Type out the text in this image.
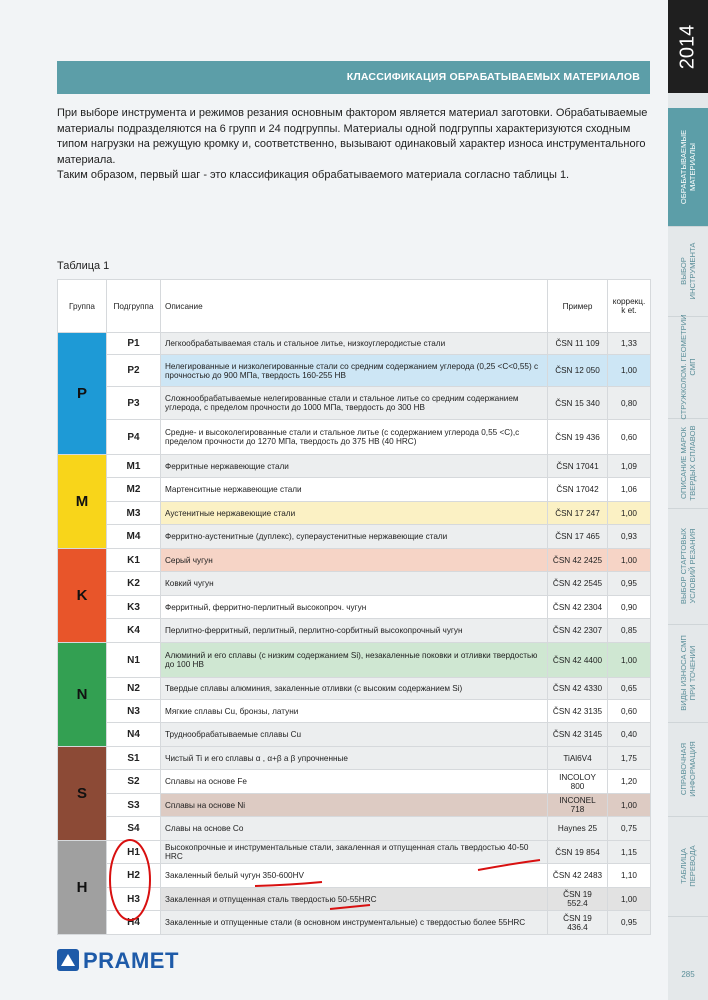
КЛАССИФИКАЦИЯ ОБРАБАТЫВАЕМЫХ МАТЕРИАЛОВ

При выборе инструмента и режимов резания основным фактором является материал заготовки. Обрабатываемые материалы подразделяются на 6 групп и 24 подгруппы. Материалы одной подгруппы характеризуются сходным типом нагрузки на режущую кромку и, соответственно, вызывают одинаковый характер износа инструментального материала.

Таким образом, первый шаг - это классификация обрабатываемого материала согласно таблицы 1.

Таблица 1
Группа	Подгруппа	Описание	Пример	коррекц. k et.
P	P1	Легкообрабатываемая сталь и стальное литье, низкоуглеродистые стали	ČSN 11 109	1,33
	P2	Нелегированные и низколегированные стали со средним содержанием углерода (0,25 <C<0,55) с прочностью до 900 МПа, твердость 160-255 HB	ČSN 12 050	1,00
	P3	Сложнообрабатываемые нелегированные стали и стальное литье со средним содержанием углерода, с пределом прочности до 1000 МПа, твердость до 300 HB	ČSN 15 340	0,80
	P4	Средне- и высоколегированные стали и стальное литье (с содержанием углерода 0,55 <C),с пределом прочности до 1270 МПа, твердость до 375 HB (40 HRC)	ČSN 19 436	0,60
M	M1	Ферритные нержавеющие стали	ČSN 17041	1,09
	M2	Мартенситные нержавеющие стали	ČSN 17042	1,06
	M3	Аустенитные нержавеющие стали	ČSN 17 247	1,00
	M4	Ферритно-аустенитные (дуплекс), супераустенитные нержавеющие стали	ČSN 17 465	0,93
K	K1	Серый чугун	ČSN 42 2425	1,00
	K2	Ковкий чугун	ČSN 42 2545	0,95
	K3	Ферритный, ферритно-перлитный высокопроч. чугун	ČSN 42 2304	0,90
	K4	Перлитно-ферритный, перлитный, перлитно-сорбитный высокопрочный чугун	ČSN 42 2307	0,85
N	N1	Алюминий и его сплавы (с низким содержанием Si), незакаленные поковки и отливки твердостью до 100 HB	ČSN 42 4400	1,00
	N2	Твердые сплавы алюминия, закаленные отливки (с высоким содержанием Si)	ČSN 42 4330	0,65
	N3	Мягкие сплавы Cu, бронзы, латуни	ČSN 42 3135	0,60
	N4	Труднообрабатываемые сплавы Cu	ČSN 42 3145	0,40
S	S1	Чистый Ti и его сплавы α , α+β a β упрочненные	TiAl6V4	1,75
	S2	Сплавы на основе Fe	INCOLOY 800	1,20
	S3	Сплавы на основе Ni	INCONEL 718	1,00
	S4	Славы на основе Co	Haynes 25	0,75
H	H1	Высокопрочные и инструментальные стали, закаленная и отпущенная сталь твердостью 40-50 HRC	ČSN 19 854	1,15
	H2	Закаленный белый чугун 350-600HV	ČSN 42 2483	1,10
	H3	Закаленная и отпущенная сталь твердостью 50-55HRC	ČSN 19 552.4	1,00
	H4	Закаленные и отпущенные стали (в основном инструментальные) с твердостью более 55HRC	ČSN 19 436.4	0,95
PRAMET
2014
ОБРАБАТЫВАЕМЫЕ МАТЕРИАЛЫ
ВЫБОР ИНСТРУМЕНТА
СТРУЖКОЛОМ. ГЕОМЕТРИИ СМП
ОПИСАНИЕ МАРОК ТВЕРДЫХ СПЛАВОВ
ВЫБОР СТАРТОВЫХ УСЛОВИЙ РЕЗАНИЯ
ВИДЫ ИЗНОСА СМП ПРИ ТОЧЕНИИ
СПРАВОЧНАЯ ИНФОРМАЦИЯ
ТАБЛИЦА ПЕРЕВОДА
285
